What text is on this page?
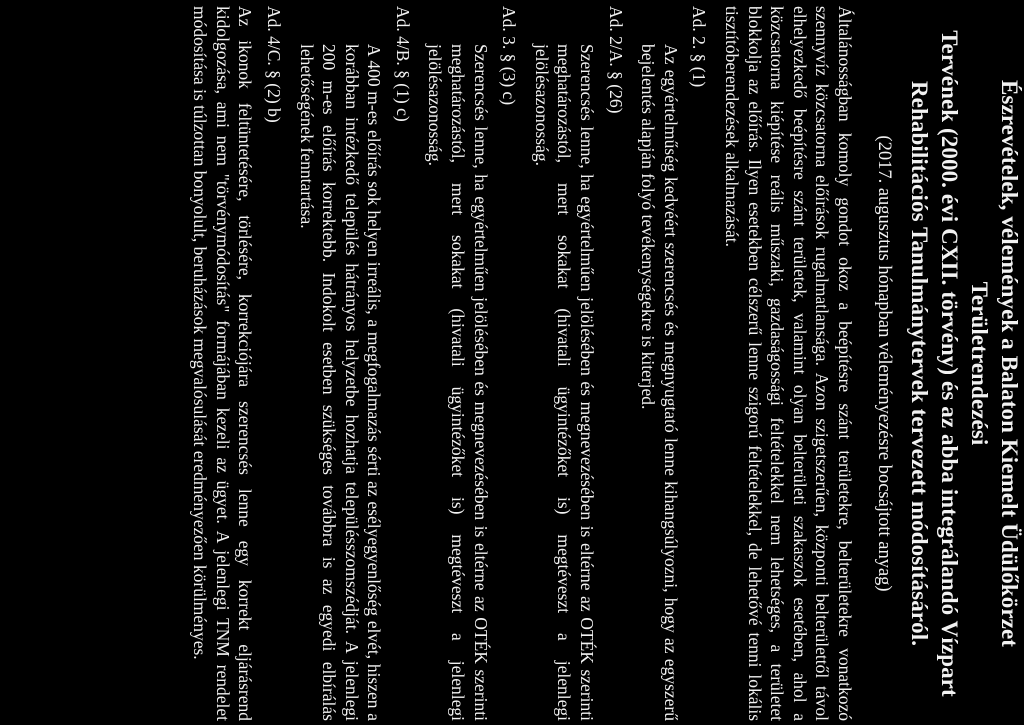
Észrevételek, vélemények a Balaton Kiemelt Üdülőkörzet Területrendezési
Tervének (2000. évi CXII. törvény) és az abba integrálandó Vízpart
Rehabilitációs Tanulmánytervek tervezett módosításáról.

(2017. augusztus hónapban véleményezésre bocsájtott anyag)

Általánosságban komoly gondot okoz a beépítésre szánt területekre, belterületekre vonatkozó szennyvíz közcsatorna előírások rugalmatlansága. Azon szigetszerűen, központi belterülettől távol elhelyezkedő beépítésre szánt területek, valamint olyan belterületi szakaszok esetében, ahol a közcsatorna kiépítése reális műszaki, gazdaságossági feltételekkel nem lehetséges, a területet blokkolja az előírás. Ilyen esetekben célszerű lenne szigorú feltételekkel, de lehetővé tenni lokális tisztítóberendezések alkalmazását.

Ad. 2. § (1)

Az egyértelműség kedvéért szerencsés és megnyugtató lenne kihangsúlyozni, hogy az egyszerű bejelentés alapján folyó tevékenységekre is kiterjed.

Ad. 2/A. § (26)

Szerencsés lenne, ha egyértelműen jelölésében és megnevezésében is eltérne az OTÉK szerinti meghatározástól, mert sokakat (hivatali ügyintézőket is) megtéveszt a jelenlegi jelölésazonosság.

Ad. 3. § (3) c)

Szerencsés lenne, ha egyértelműen jelölésében és megnevezésében is eltérne az OTÉK szerinti meghatározástól, mert sokakat (hivatali ügyintézőket is) megtéveszt a jelenlegi jelölésazonosság.

Ad. 4/B. § (1) c)

A 400 m-es előírás sok helyen irreális, a megfogalmazás sérti az esélyegyenlőség elvét, hiszen a korábban intézkedő település hátrányos helyzetbe hozhatja településszomszédját. A jelenlegi 200 m-es előírás korrektebb. Indokolt esetben szükséges továbbra is az egyedi elbírálás lehetőségének fenntartása.

Ad. 4/C. § (2) b)

Az ikonok feltüntetésére, törlésére, korrekciójára szerencsés lenne egy korrekt eljárásrend kidolgozása, ami nem "törvénymódosítás" formájában kezeli az ügyet. A jelenlegi TNM rendelet módosítása is túlzottan bonyolult, beruházások megvalósulását eredményezően körülményes.
